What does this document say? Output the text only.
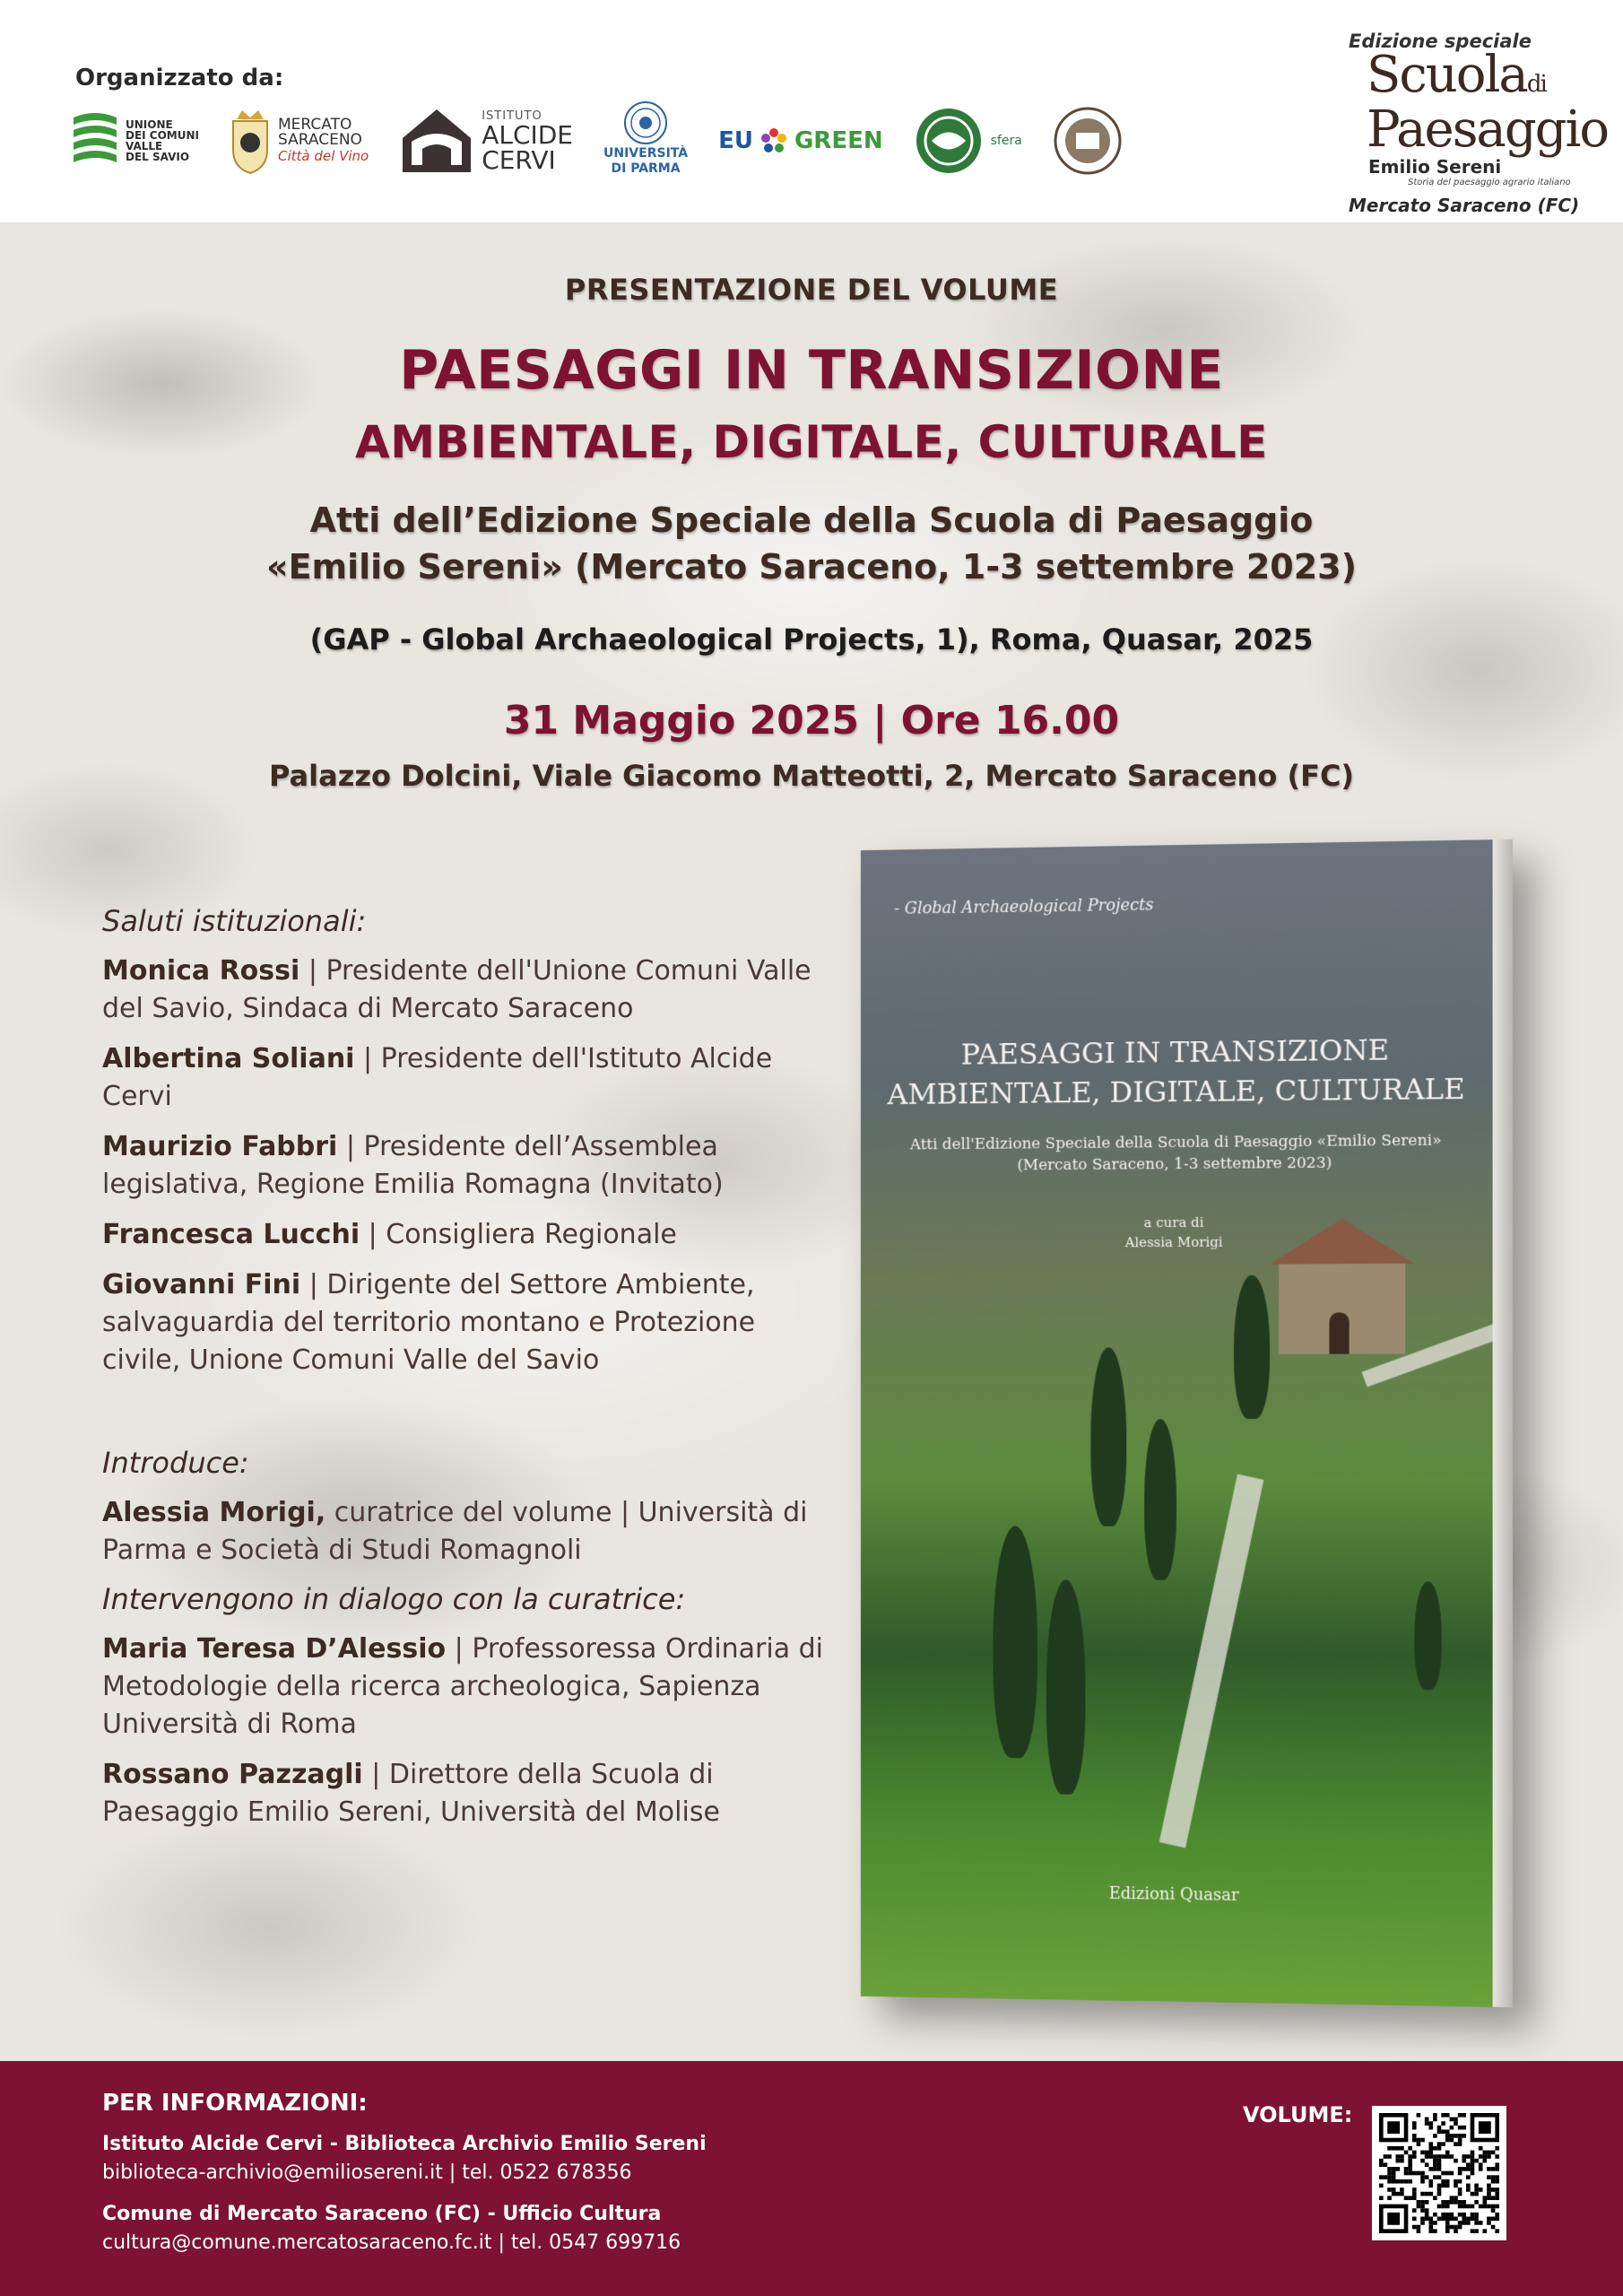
Organizzato da:
UNIONE
DEI COMUNI
VALLE
DEL SAVIO
MERCATO
SARACENO
Città del Vino
ISTITUTO
ALCIDE
CERVI	UNIVERSITÀ
DI PARMA
EU GREEN	sfera
Edizione speciale
Scuoladi
Paesaggio
Emilio Sereni
Storia del paesaggio agrario italiano
Mercato Saraceno (FC)
PRESENTAZIONE DEL VOLUME
PAESAGGI IN TRANSIZIONE
AMBIENTALE, DIGITALE, CULTURALE
Atti dell’Edizione Speciale della Scuola di Paesaggio
«Emilio Sereni» (Mercato Saraceno, 1-3 settembre 2023)
(GAP - Global Archaeological Projects, 1), Roma, Quasar, 2025
31 Maggio 2025 | Ore 16.00
Palazzo Dolcini, Viale Giacomo Matteotti, 2, Mercato Saraceno (FC)
Saluti istituzionali:
Monica Rossi | Presidente dell'Unione Comuni Valle del Savio, Sindaca di Mercato Saraceno
Albertina Soliani | Presidente dell'Istituto Alcide Cervi
Maurizio Fabbri | Presidente dell’Assemblea legislativa, Regione Emilia Romagna (Invitato)
Francesca Lucchi | Consigliera Regionale
Giovanni Fini | Dirigente del Settore Ambiente, salvaguardia del territorio montano e Protezione civile, Unione Comuni Valle del Savio
Introduce:
Alessia Morigi, curatrice del volume | Università di Parma e Società di Studi Romagnoli
Intervengono in dialogo con la curatrice:
Maria Teresa D’Alessio | Professoressa Ordinaria di Metodologie della ricerca archeologica, Sapienza Università di Roma
Rossano Pazzagli | Direttore della Scuola di Paesaggio Emilio Sereni, Università del Molise
- Global Archaeological Projects
PAESAGGI IN TRANSIZIONE
AMBIENTALE, DIGITALE, CULTURALE
Atti dell'Edizione Speciale della Scuola di Paesaggio «Emilio Sereni»
(Mercato Saraceno, 1-3 settembre 2023)
a cura di
Alessia Morigi
Edizioni Quasar
PER INFORMAZIONI:
Istituto Alcide Cervi - Biblioteca Archivio Emilio Sereni
biblioteca-archivio@emiliosereni.it | tel. 0522 678356
Comune di Mercato Saraceno (FC) - Ufficio Cultura
cultura@comune.mercatosaraceno.fc.it | tel. 0547 699716
VOLUME:
